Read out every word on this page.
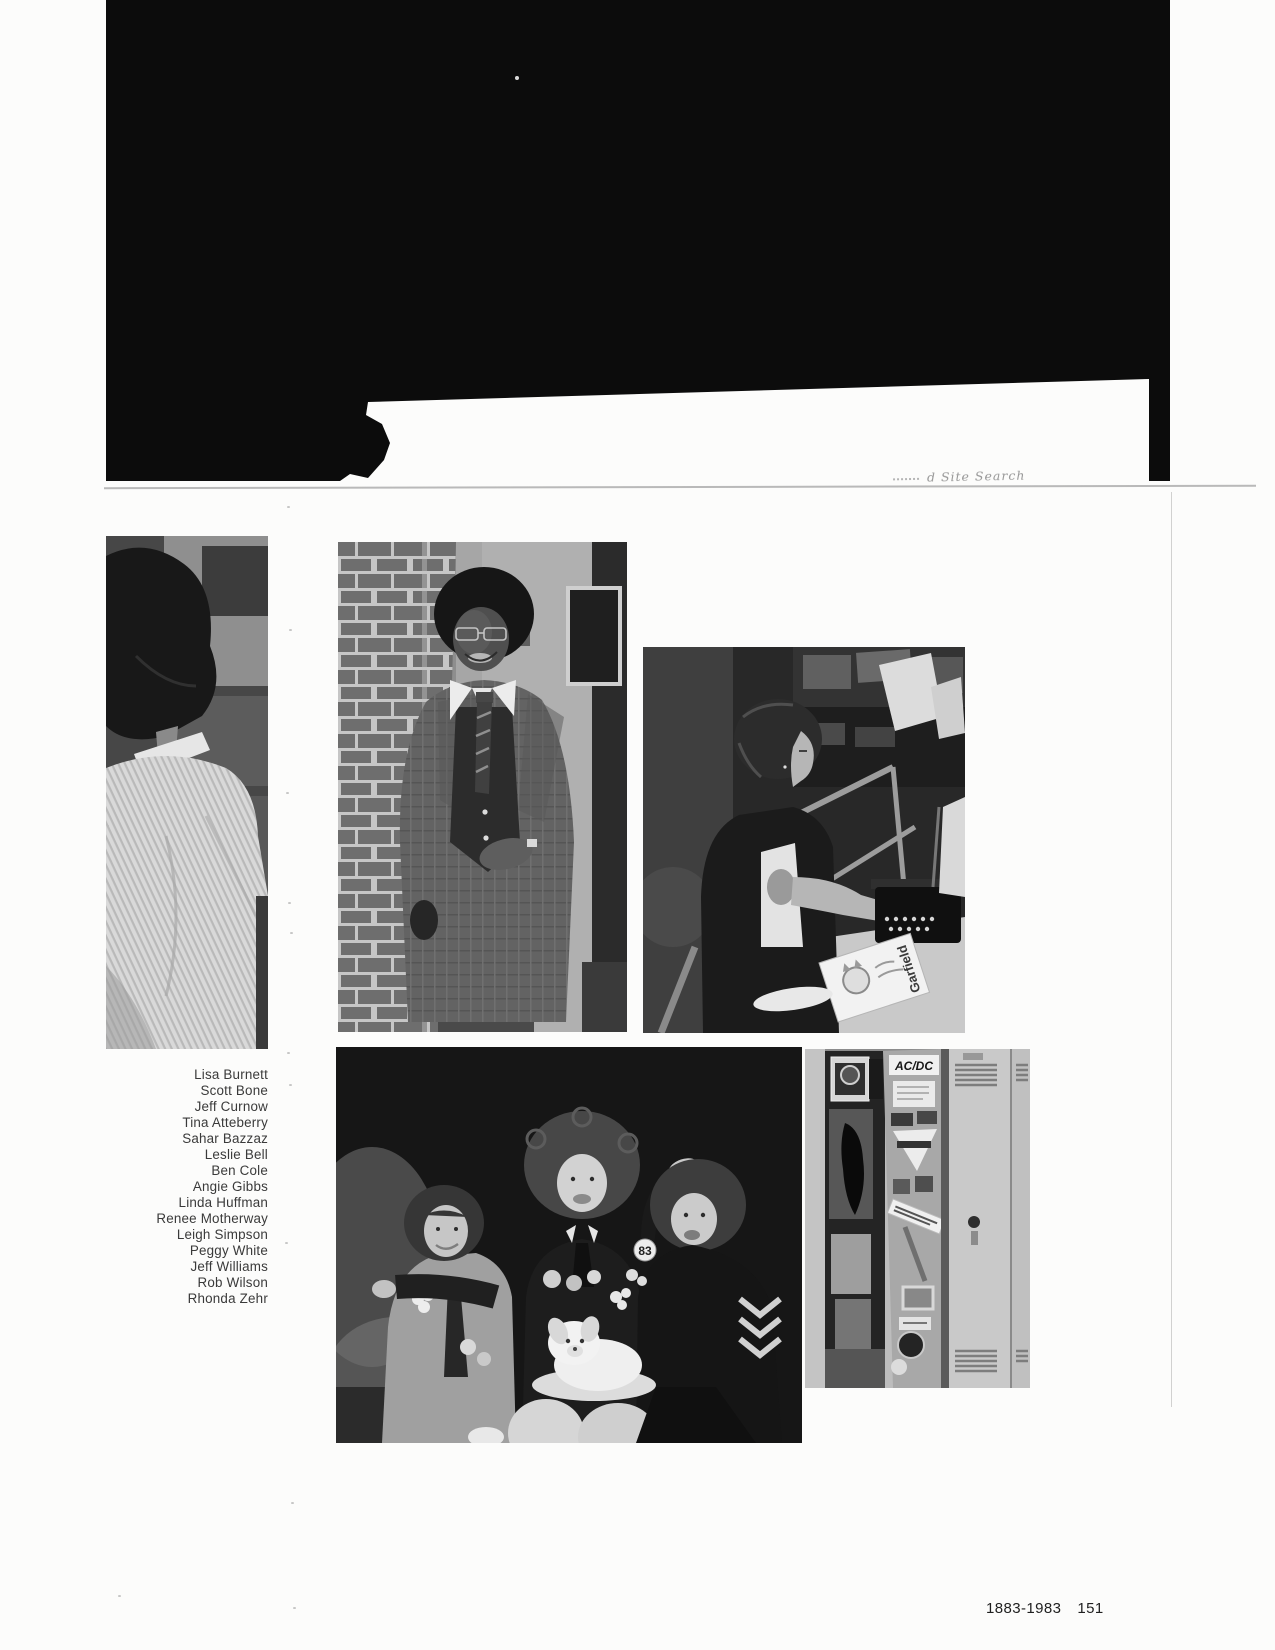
d Site Search
Garfield
83
AC/DC
Lisa Burnett
Scott Bone
Jeff Curnow
Tina Atteberry
Sahar Bazzaz
Leslie Bell
Ben Cole
Angie Gibbs
Linda Huffman
Renee Motherway
Leigh Simpson
Peggy White
Jeff Williams
Rob Wilson
Rhonda Zehr
1883-1983 151
